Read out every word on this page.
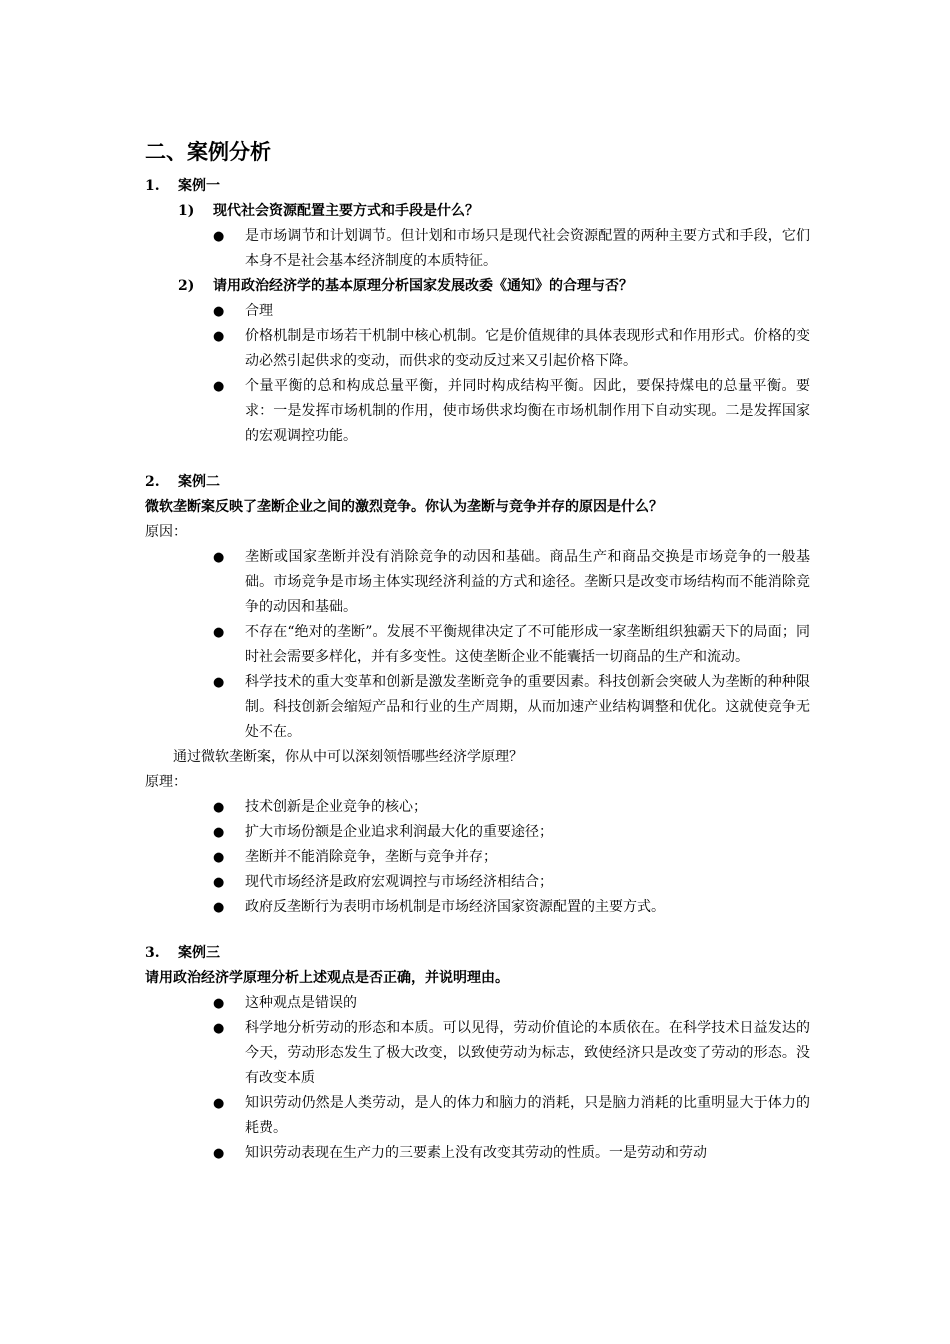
二、案例分析
1. 案例一
1) 现代社会资源配置主要方式和手段是什么？
● 是市场调节和计划调节。但计划和市场只是现代社会资源配置的两种主要方式和手段，它们本身不是社会基本经济制度的本质特征。
2) 请用政治经济学的基本原理分析国家发展改委《通知》的合理与否？
● 合理
● 价格机制是市场若干机制中核心机制。它是价值规律的具体表现形式和作用形式。价格的变动必然引起供求的变动，而供求的变动反过来又引起价格下降。
● 个量平衡的总和构成总量平衡，并同时构成结构平衡。因此，要保持煤电的总量平衡。要求：一是发挥市场机制的作用，使市场供求均衡在市场机制作用下自动实现。二是发挥国家的宏观调控功能。
2. 案例二
微软垄断案反映了垄断企业之间的激烈竞争。你认为垄断与竞争并存的原因是什么？
原因：
● 垄断或国家垄断并没有消除竞争的动因和基础。商品生产和商品交换是市场竞争的一般基础。市场竞争是市场主体实现经济利益的方式和途径。垄断只是改变市场结构而不能消除竞争的动因和基础。
● 不存在“绝对的垄断”。发展不平衡规律决定了不可能形成一家垄断组织独霸天下的局面；同时社会需要多样化，并有多变性。这使垄断企业不能囊括一切商品的生产和流动。
● 科学技术的重大变革和创新是激发垄断竞争的重要因素。科技创新会突破人为垄断的种种限制。科技创新会缩短产品和行业的生产周期，从而加速产业结构调整和优化。这就使竞争无处不在。
通过微软垄断案，你从中可以深刻领悟哪些经济学原理？
原理：
● 技术创新是企业竞争的核心；
● 扩大市场份额是企业追求利润最大化的重要途径；
● 垄断并不能消除竞争，垄断与竞争并存；
● 现代市场经济是政府宏观调控与市场经济相结合；
● 政府反垄断行为表明市场机制是市场经济国家资源配置的主要方式。
3. 案例三
请用政治经济学原理分析上述观点是否正确，并说明理由。
● 这种观点是错误的
● 科学地分析劳动的形态和本质。可以见得，劳动价值论的本质依在。在科学技术日益发达的今天，劳动形态发生了极大改变，以致使劳动为标志，致使经济只是改变了劳动的形态。没有改变本质
● 知识劳动仍然是人类劳动，是人的体力和脑力的消耗，只是脑力消耗的比重明显大于体力的耗费。
● 知识劳动表现在生产力的三要素上没有改变其劳动的性质。一是劳动和劳动
